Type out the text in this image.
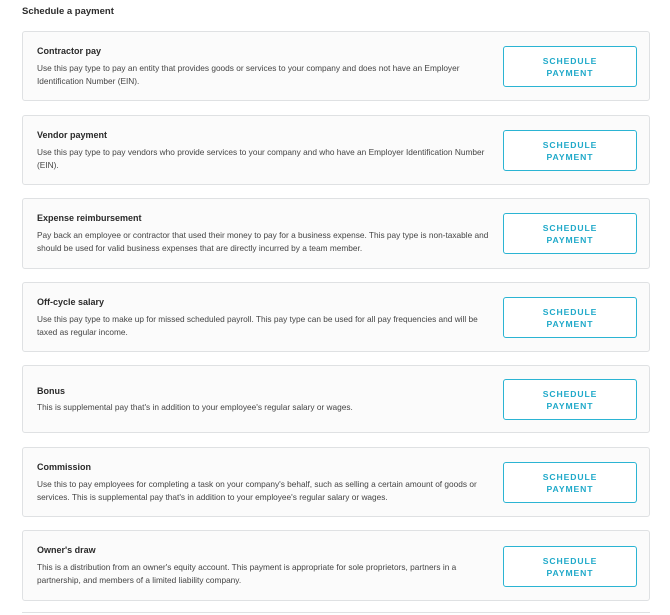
Schedule a payment
Contractor pay
Use this pay type to pay an entity that provides goods or services to your company and does not have an Employer Identification Number (EIN).
SCHEDULE
PAYMENT
Vendor payment
Use this pay type to pay vendors who provide services to your company and who have an Employer Identification Number (EIN).
SCHEDULE
PAYMENT
Expense reimbursement
Pay back an employee or contractor that used their money to pay for a business expense. This pay type is non-taxable and should be used for valid business expenses that are directly incurred by a team member.
SCHEDULE
PAYMENT
Off-cycle salary
Use this pay type to make up for missed scheduled payroll. This pay type can be used for all pay frequencies and will be taxed as regular income.
SCHEDULE
PAYMENT
Bonus
This is supplemental pay that's in addition to your employee's regular salary or wages.
SCHEDULE
PAYMENT
Commission
Use this to pay employees for completing a task on your company's behalf, such as selling a certain amount of goods or services. This is supplemental pay that's in addition to your employee's regular salary or wages.
SCHEDULE
PAYMENT
Owner's draw
This is a distribution from an owner's equity account. This payment is appropriate for sole proprietors, partners in a partnership, and members of a limited liability company.
SCHEDULE
PAYMENT
